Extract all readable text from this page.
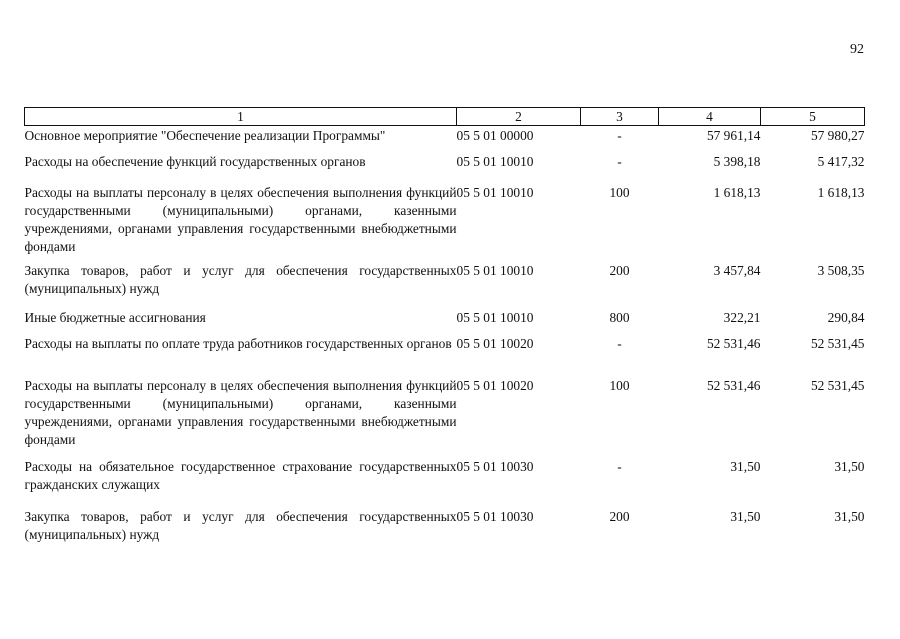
92
1	2	3	4	5
Основное мероприятие "Обеспечение реализации Программы"	05 5 01 00000	-	57 961,14	57 980,27
Расходы на обеспечение функций государственных органов	05 5 01 10010	-	5 398,18	5 417,32
Расходы на выплаты персоналу в целях обеспечения выполнения функций государственными (муниципальными) органами, казенными учреждениями, органами управления государственными внебюджетными фондами	05 5 01 10010	100	1 618,13	1 618,13
Закупка товаров, работ и услуг для обеспечения государственных (муниципальных) нужд	05 5 01 10010	200	3 457,84	3 508,35
Иные бюджетные ассигнования	05 5 01 10010	800	322,21	290,84
Расходы на выплаты по оплате труда работников государственных органов	05 5 01 10020	-	52 531,46	52 531,45
Расходы на выплаты персоналу в целях обеспечения выполнения функций государственными (муниципальными) органами, казенными учреждениями, органами управления государственными внебюджетными фондами	05 5 01 10020	100	52 531,46	52 531,45
Расходы на обязательное государственное страхование государственных гражданских служащих	05 5 01 10030	-	31,50	31,50
Закупка товаров, работ и услуг для обеспечения государственных (муниципальных) нужд	05 5 01 10030	200	31,50	31,50
